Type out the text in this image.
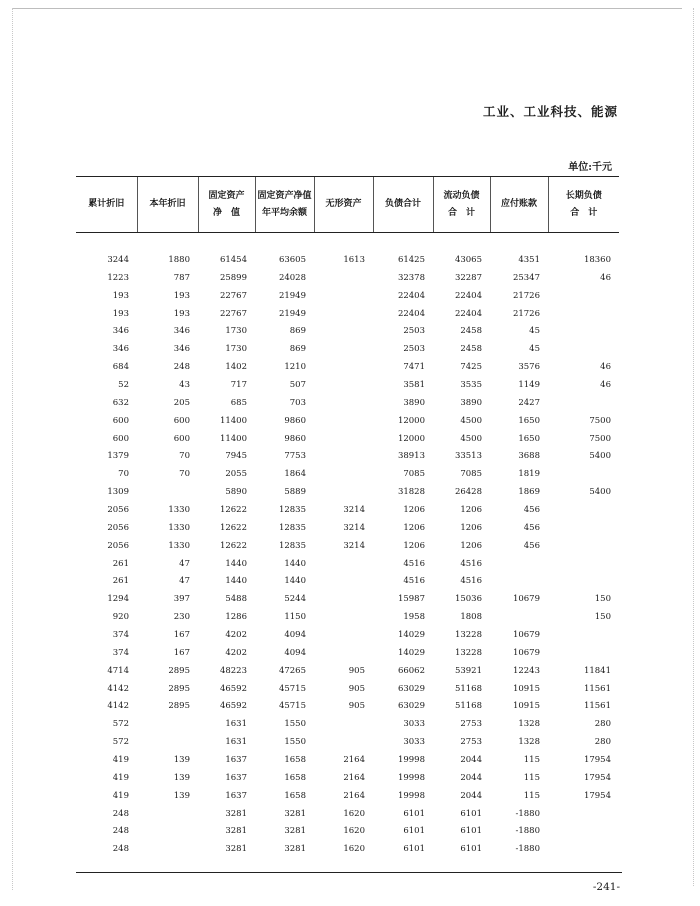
工业、工业科技、能源
单位:千元
累计折旧	本年折旧	固定资产
净　值	固定资产净值
年平均余额	无形资产	负债合计	流动负债
合　计	应付账款	长期负债
合　计

3244	1880	61454	63605	1613	61425	43065	4351	18360
1223	787	25899	24028		32378	32287	25347	46
193	193	22767	21949		22404	22404	21726	
193	193	22767	21949		22404	22404	21726	
346	346	1730	869		2503	2458	45	
346	346	1730	869		2503	2458	45	
684	248	1402	1210		7471	7425	3576	46
52	43	717	507		3581	3535	1149	46
632	205	685	703		3890	3890	2427	
600	600	11400	9860		12000	4500	1650	7500
600	600	11400	9860		12000	4500	1650	7500
1379	70	7945	7753		38913	33513	3688	5400
70	70	2055	1864		7085	7085	1819	
1309		5890	5889		31828	26428	1869	5400
2056	1330	12622	12835	3214	1206	1206	456	
2056	1330	12622	12835	3214	1206	1206	456	
2056	1330	12622	12835	3214	1206	1206	456	
261	47	1440	1440		4516	4516		
261	47	1440	1440		4516	4516		
1294	397	5488	5244		15987	15036	10679	150
920	230	1286	1150		1958	1808		150
374	167	4202	4094		14029	13228	10679	
374	167	4202	4094		14029	13228	10679	
4714	2895	48223	47265	905	66062	53921	12243	11841
4142	2895	46592	45715	905	63029	51168	10915	11561
4142	2895	46592	45715	905	63029	51168	10915	11561
572		1631	1550		3033	2753	1328	280
572		1631	1550		3033	2753	1328	280
419	139	1637	1658	2164	19998	2044	115	17954
419	139	1637	1658	2164	19998	2044	115	17954
419	139	1637	1658	2164	19998	2044	115	17954
248		3281	3281	1620	6101	6101	-1880	
248		3281	3281	1620	6101	6101	-1880	
248		3281	3281	1620	6101	6101	-1880	
-241-
